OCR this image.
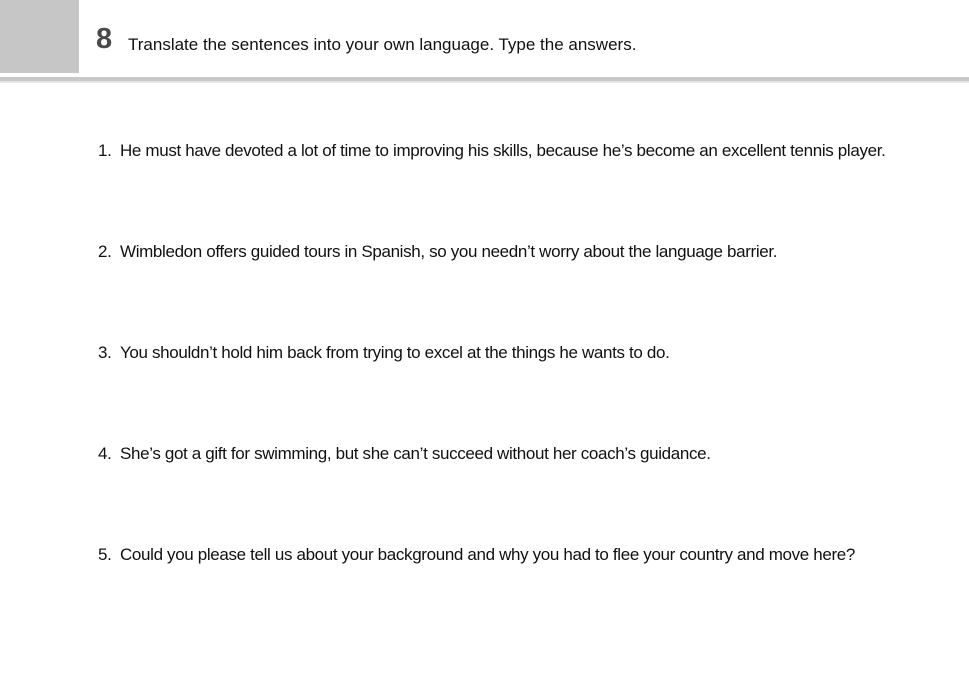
8 Translate the sentences into your own language. Type the answers.
1. He must have devoted a lot of time to improving his skills, because he’s become an excellent tennis player.
2. Wimbledon offers guided tours in Spanish, so you needn’t worry about the language barrier.
3. You shouldn’t hold him back from trying to excel at the things he wants to do.
4. She’s got a gift for swimming, but she can’t succeed without her coach’s guidance.
5. Could you please tell us about your background and why you had to flee your country and move here?
